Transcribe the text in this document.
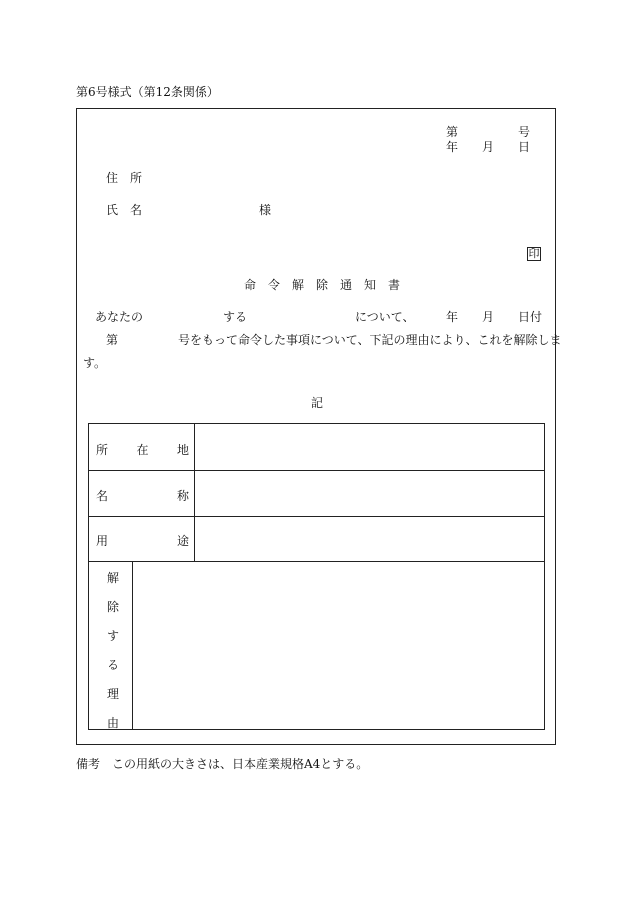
第6号様式（第12条関係）
第	号
年 月 日
住　所
氏　名	様
印
命　令　解　除　通　知　書
あなたの	する	について、	年 月 日付
第	号をもって命令した事項について、下記の理由により、これを解除しま
す。
記
所 在 地
名	称
用	途
解
除
す
る
理
由
備考　この用紙の大きさは、日本産業規格A4とする。
